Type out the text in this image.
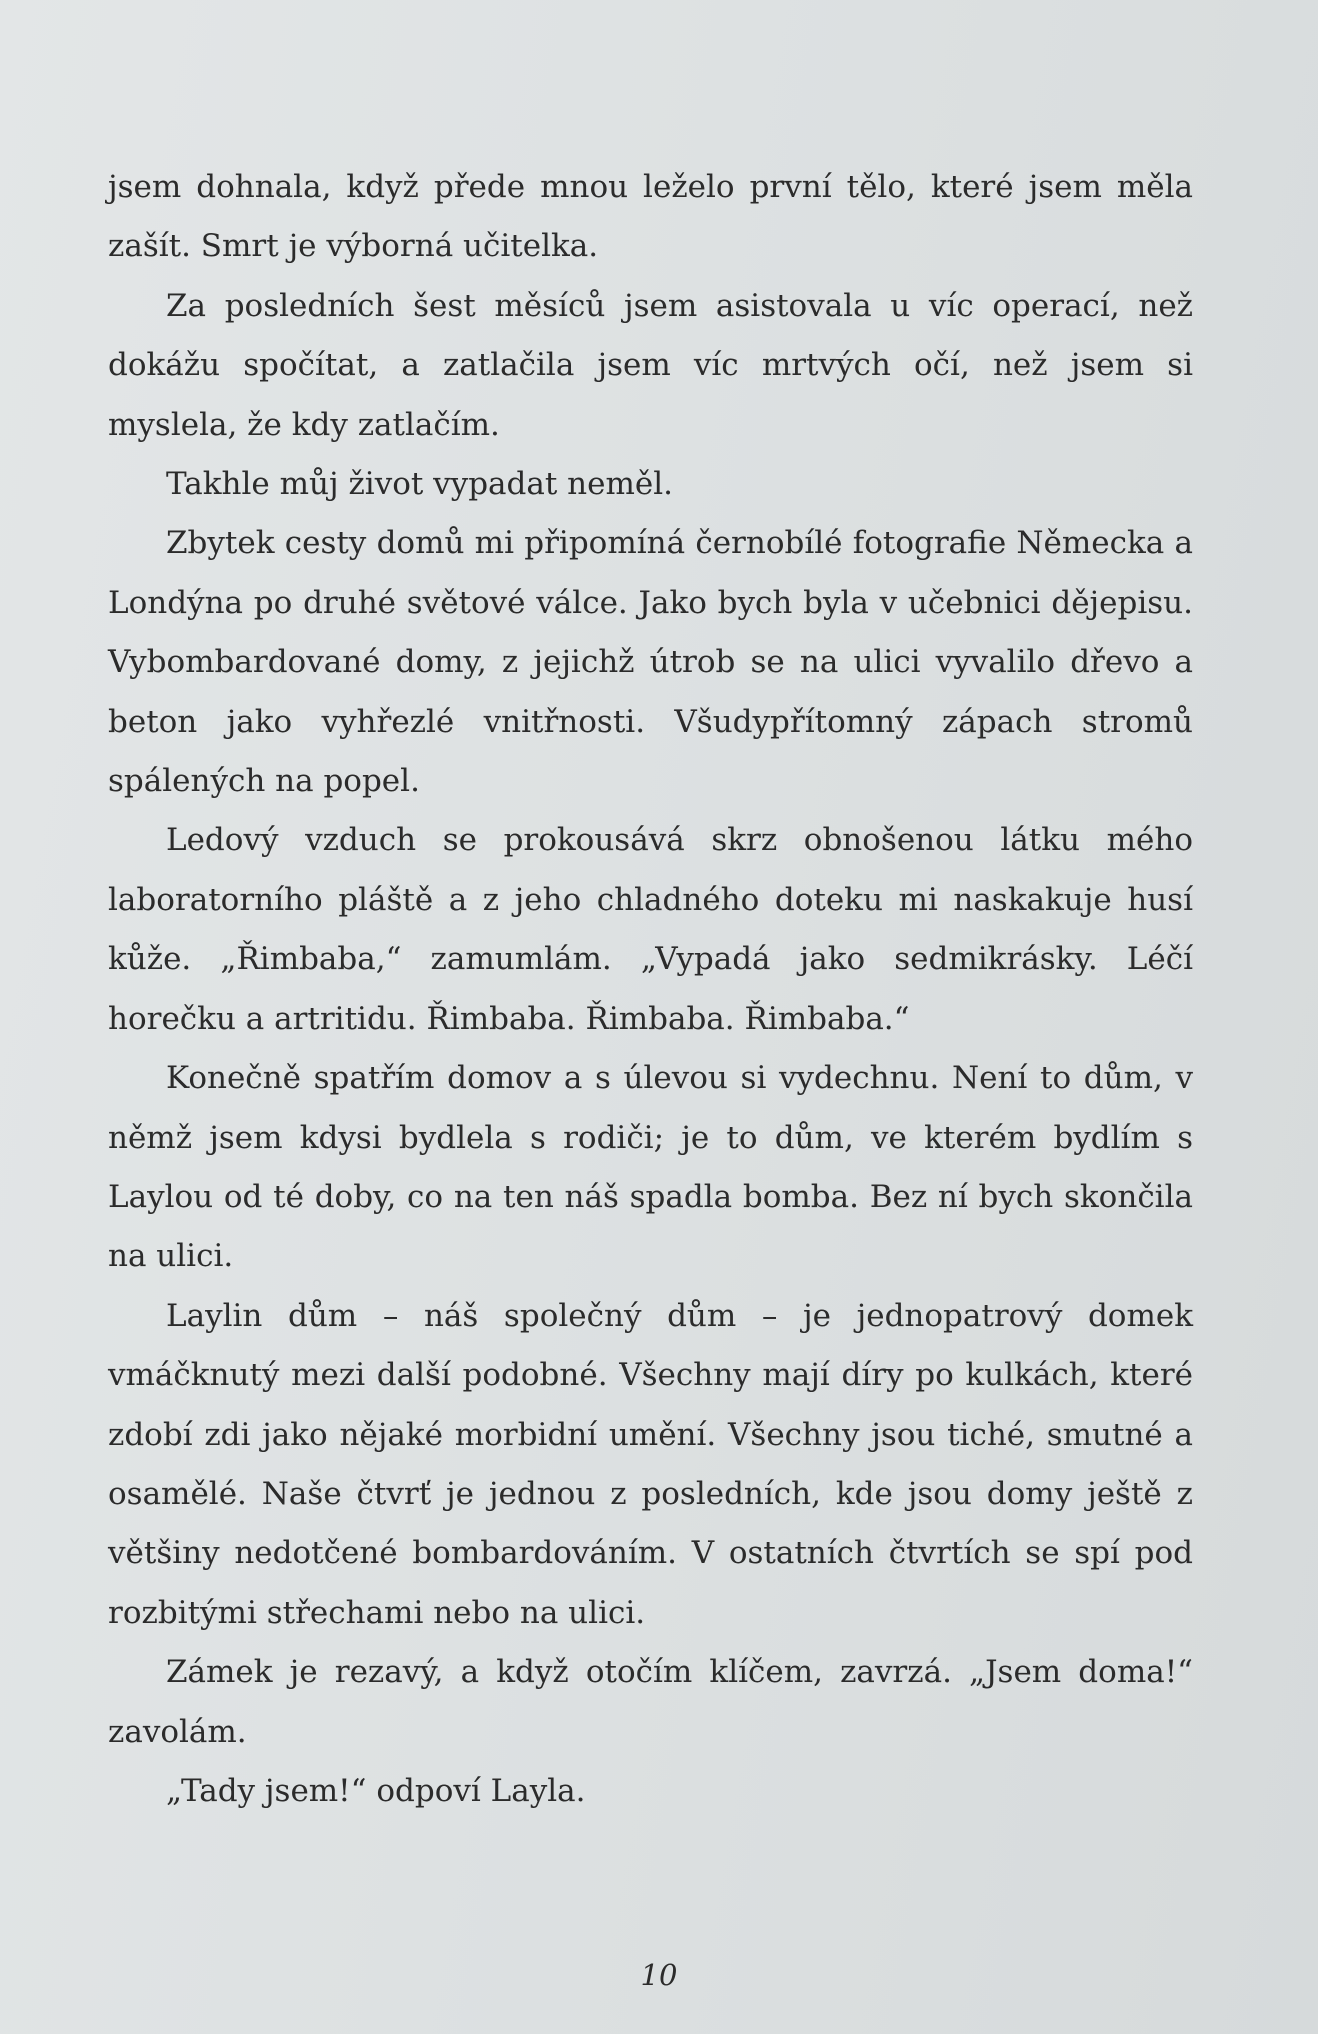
jsem dohnala, když přede mnou leželo první tělo, které jsem měla zašít. Smrt je výborná učitelka.

Za posledních šest měsíců jsem asistovala u víc operací, než dokážu spočítat, a zatlačila jsem víc mrtvých očí, než jsem si myslela, že kdy zatlačím.

Takhle můj život vypadat neměl.

Zbytek cesty domů mi připomíná černobílé fotografie Německa a Londýna po druhé světové válce. Jako bych byla v učebnici dějepisu. Vybombardované domy, z jejichž útrob se na ulici vyvalilo dřevo a beton jako vyhřezlé vnitřnosti. Všudypřítomný zápach stromů spálených na popel.

Ledový vzduch se prokousává skrz obnošenou látku mého laboratorního pláště a z jeho chladného doteku mi naskakuje husí kůže. „Řimbaba,“ zamumlám. „Vypadá jako sedmikrásky. Léčí horečku a artritidu. Řimbaba. Řimbaba. Řimbaba.“

Konečně spatřím domov a s úlevou si vydechnu. Není to dům, v němž jsem kdysi bydlela s rodiči; je to dům, ve kterém bydlím s Laylou od té doby, co na ten náš spadla bomba. Bez ní bych skončila na ulici.

Laylin dům – náš společný dům – je jednopatrový domek vmáčknutý mezi další podobné. Všechny mají díry po kulkách, které zdobí zdi jako nějaké morbidní umění. Všechny jsou tiché, smutné a osamělé. Naše čtvrť je jednou z posledních, kde jsou domy ještě z většiny nedotčené bombardováním. V ostatních čtvrtích se spí pod rozbitými střechami nebo na ulici.

Zámek je rezavý, a když otočím klíčem, zavrzá. „Jsem doma!“ zavolám.

„Tady jsem!“ odpoví Layla.

10
